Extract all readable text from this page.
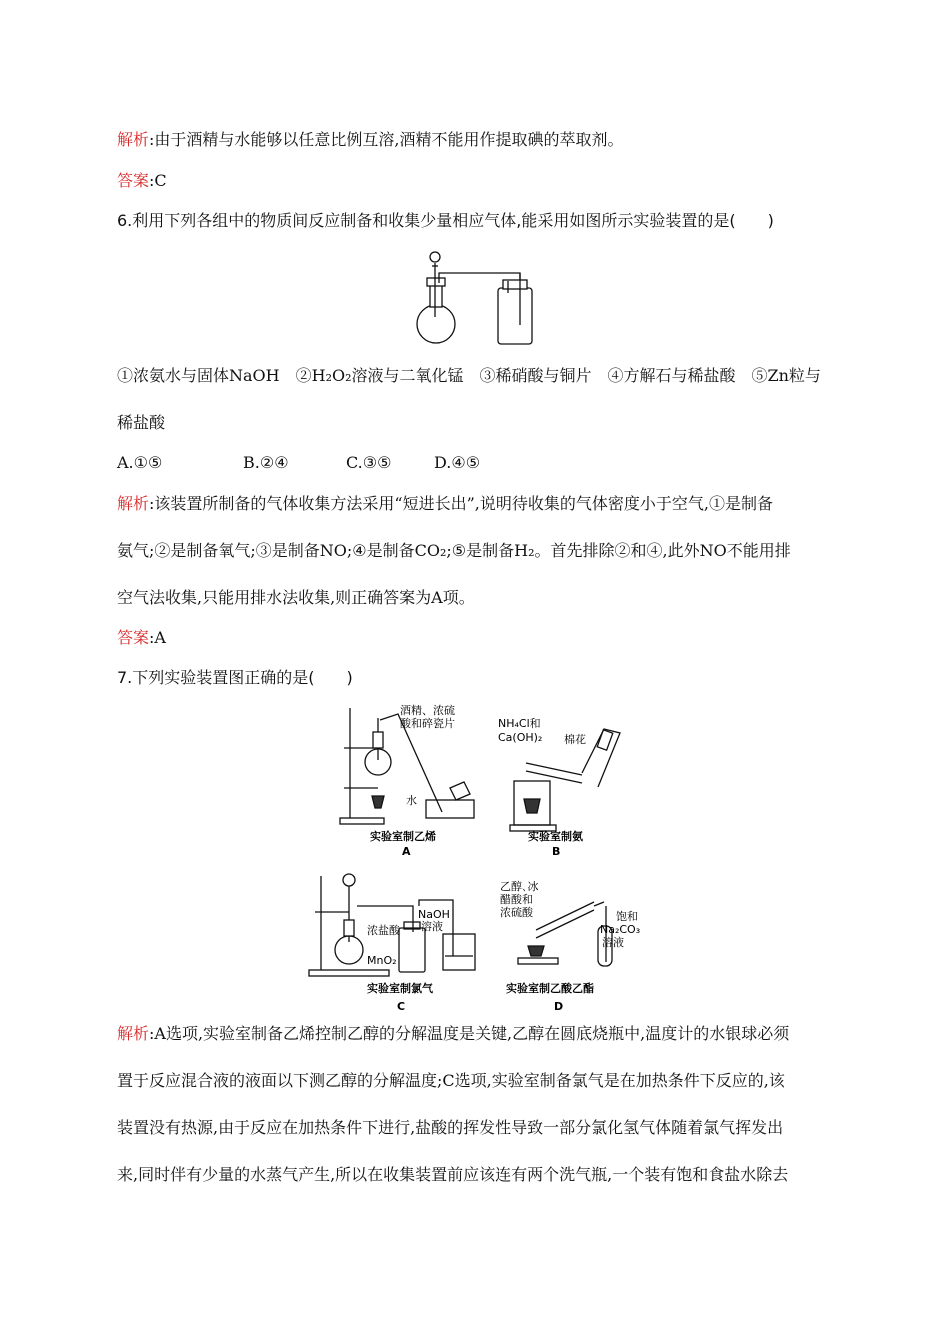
解析:由于酒精与水能够以任意比例互溶,酒精不能用作提取碘的萃取剂。
答案:C
6.利用下列各组中的物质间反应制备和收集少量相应气体,能采用如图所示实验装置的是(　　)
①浓氨水与固体NaOH　②H₂O₂溶液与二氧化锰　③稀硝酸与铜片　④方解石与稀盐酸　⑤Zn粒与
稀盐酸
A.①⑤	B.②④	C.③⑤	D.④⑤
解析:该装置所制备的气体收集方法采用“短进长出”,说明待收集的气体密度小于空气,①是制备
氨气;②是制备氧气;③是制备NO;④是制备CO₂;⑤是制备H₂。首先排除②和④,此外NO不能用排
空气法收集,只能用排水法收集,则正确答案为A项。
答案:A
7.下列实验装置图正确的是(　　)
酒精、浓硫
酸和碎瓷片
水
实验室制乙烯
A
NH₄Cl和
Ca(OH)₂ 棉花
实验室制氨
B
浓盐酸
MnO₂
NaOH
溶液
实验室制氯气
C
乙醇､冰
醋酸和
浓硫酸	饱和
Na₂CO₃
溶液
实验室制乙酸乙酯
D
解析:A选项,实验室制备乙烯控制乙醇的分解温度是关键,乙醇在圆底烧瓶中,温度计的水银球必须
置于反应混合液的液面以下测乙醇的分解温度;C选项,实验室制备氯气是在加热条件下反应的,该
装置没有热源,由于反应在加热条件下进行,盐酸的挥发性导致一部分氯化氢气体随着氯气挥发出
来,同时伴有少量的水蒸气产生,所以在收集装置前应该连有两个洗气瓶,一个装有饱和食盐水除去
